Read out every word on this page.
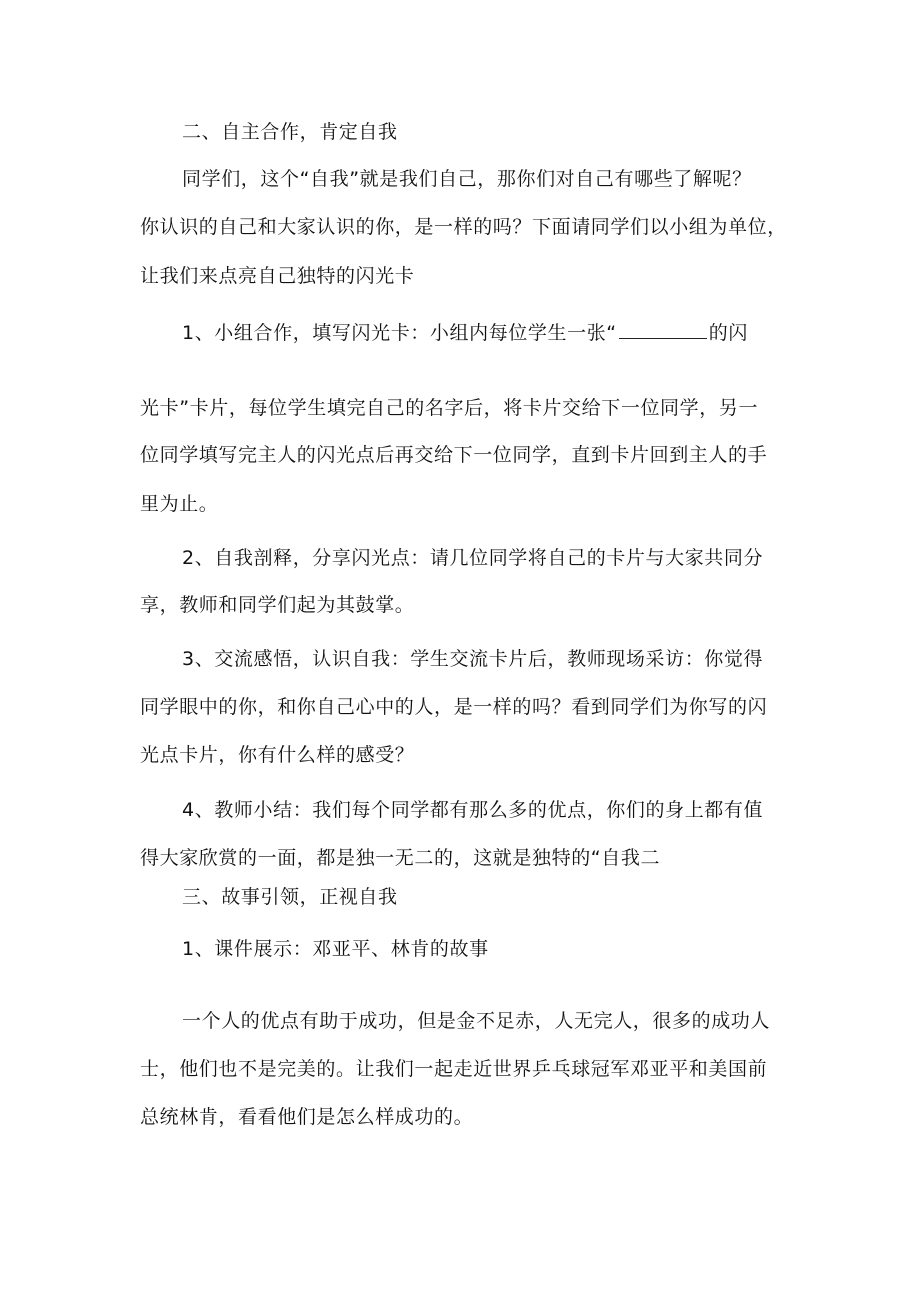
二、自主合作，肯定自我
同学们，这个“自我”就是我们自己，那你们对自己有哪些了解呢？
你认识的自己和大家认识的你，是一样的吗？下面请同学们以小组为单位，
让我们来点亮自己独特的闪光卡
1、小组合作，填写闪光卡：小组内每位学生一张“	的闪
光卡”卡片，每位学生填完自己的名字后，将卡片交给下一位同学，另一
位同学填写完主人的闪光点后再交给下一位同学，直到卡片回到主人的手
里为止。
2、自我剖释，分享闪光点：请几位同学将自己的卡片与大家共同分
享，教师和同学们起为其鼓掌。
3、交流感悟，认识自我：学生交流卡片后，教师现场采访：你觉得
同学眼中的你，和你自己心中的人，是一样的吗？看到同学们为你写的闪
光点卡片，你有什么样的感受？
4、教师小结：我们每个同学都有那么多的优点，你们的身上都有值
得大家欣赏的一面，都是独一无二的，这就是独特的“自我二
三、故事引领，正视自我
1、课件展示：邓亚平、林肯的故事
一个人的优点有助于成功，但是金不足赤，人无完人，很多的成功人
士，他们也不是完美的。让我们一起走近世界乒乓球冠军邓亚平和美国前
总统林肯，看看他们是怎么样成功的。
